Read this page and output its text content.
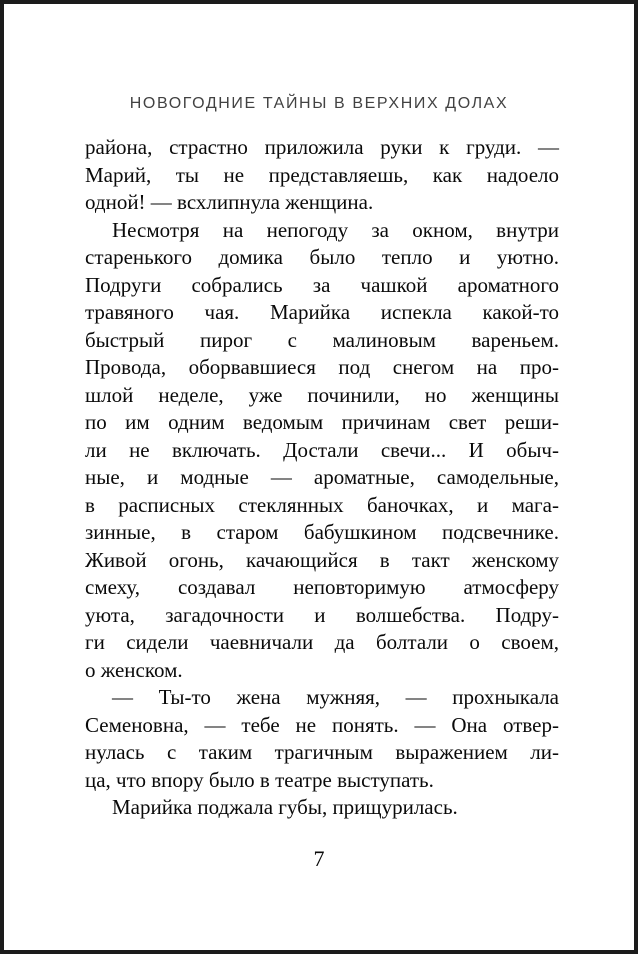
НОВОГОДНИЕ ТАЙНЫ В ВЕРХНИХ ДОЛАХ
района, страстно приложила руки к груди. —
Марий, ты не представляешь, как надоело
одной! — всхлипнула женщина.
Несмотря на непогоду за окном, внутри
старенького домика было тепло и уютно.
Подруги собрались за чашкой ароматного
травяного чая. Марийка испекла какой-то
быстрый пирог с малиновым вареньем.
Провода, оборвавшиеся под снегом на про-
шлой неделе, уже починили, но женщины
по им одним ведомым причинам свет реши-
ли не включать. Достали свечи... И обыч-
ные, и модные — ароматные, самодельные,
в расписных стеклянных баночках, и мага-
зинные, в старом бабушкином подсвечнике.
Живой огонь, качающийся в такт женскому
смеху, создавал неповторимую атмосферу
уюта, загадочности и волшебства. Подру-
ги сидели чаевничали да болтали о своем,
о женском.
— Ты-то жена мужняя, — прохныкала
Семеновна, — тебе не понять. — Она отвер-
нулась с таким трагичным выражением ли-
ца, что впору было в театре выступать.
Марийка поджала губы, прищурилась.
7
